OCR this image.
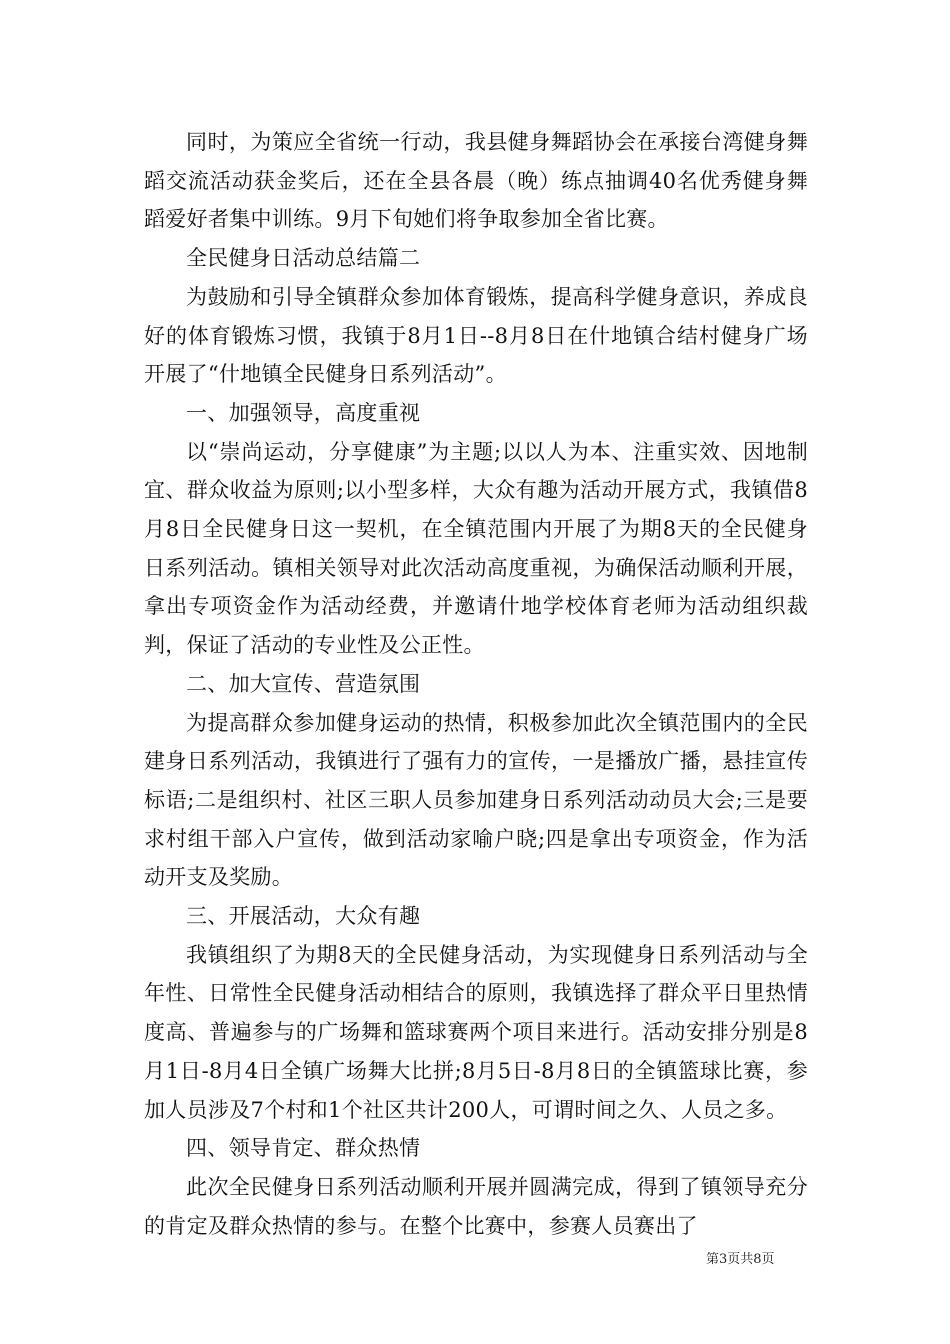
同时，为策应全省统一行动，我县健身舞蹈协会在承接台湾健身舞蹈交流活动获金奖后，还在全县各晨（晚）练点抽调40名优秀健身舞蹈爱好者集中训练。9月下旬她们将争取参加全省比赛。

全民健身日活动总结篇二

为鼓励和引导全镇群众参加体育锻炼，提高科学健身意识，养成良好的体育锻炼习惯，我镇于8月1日--8月8日在什地镇合结村健身广场开展了“什地镇全民健身日系列活动”。

一、加强领导，高度重视

以“崇尚运动，分享健康”为主题;以以人为本、注重实效、因地制宜、群众收益为原则;以小型多样，大众有趣为活动开展方式，我镇借8月8日全民健身日这一契机，在全镇范围内开展了为期8天的全民健身日系列活动。镇相关领导对此次活动高度重视，为确保活动顺利开展，拿出专项资金作为活动经费，并邀请什地学校体育老师为活动组织裁判，保证了活动的专业性及公正性。

二、加大宣传、营造氛围

为提高群众参加健身运动的热情，积极参加此次全镇范围内的全民建身日系列活动，我镇进行了强有力的宣传，一是播放广播，悬挂宣传标语;二是组织村、社区三职人员参加建身日系列活动动员大会;三是要求村组干部入户宣传，做到活动家喻户晓;四是拿出专项资金，作为活动开支及奖励。

三、开展活动，大众有趣

我镇组织了为期8天的全民健身活动，为实现健身日系列活动与全年性、日常性全民健身活动相结合的原则，我镇选择了群众平日里热情度高、普遍参与的广场舞和篮球赛两个项目来进行。活动安排分别是8月1日-8月4日全镇广场舞大比拼;8月5日-8月8日的全镇篮球比赛，参加人员涉及7个村和1个社区共计200人，可谓时间之久、人员之多。

四、领导肯定、群众热情

此次全民健身日系列活动顺利开展并圆满完成，得到了镇领导充分的肯定及群众热情的参与。在整个比赛中，参赛人员赛出了

第3页共8页
